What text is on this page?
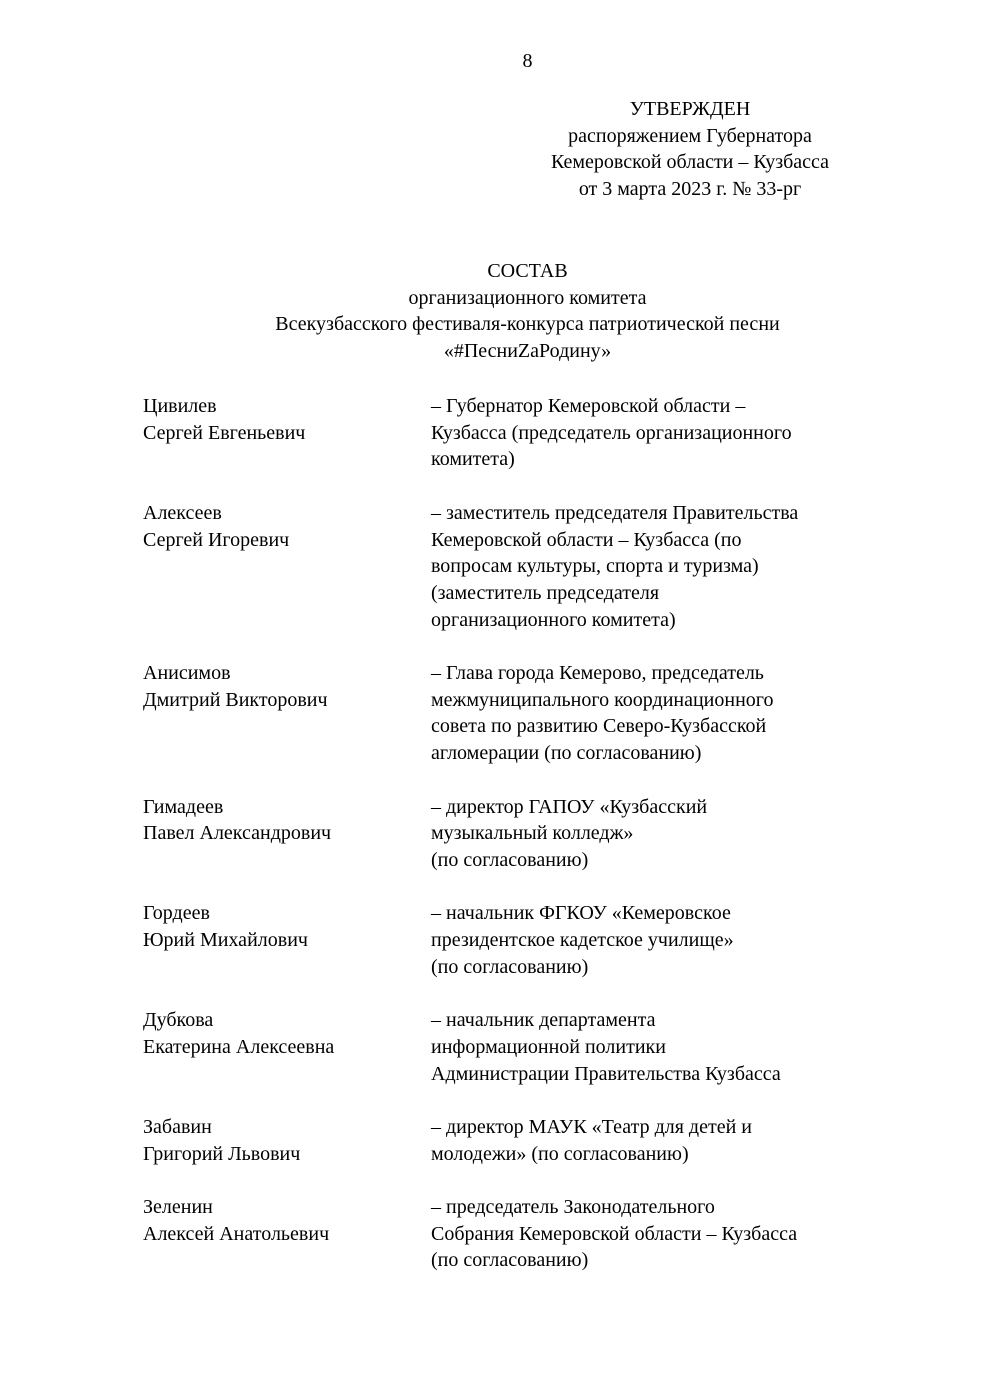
8
УТВЕРЖДЕН
распоряжением Губернатора
Кемеровской области – Кузбасса
от 3 марта 2023 г. № 33-рг
СОСТАВ
организационного комитета
Всекузбасского фестиваля-конкурса патриотической песни
«#ПесниZаРодину»
Цивилев
Сергей Евгеньевич
– Губернатор Кемеровской области –
Кузбасса (председатель организационного
комитета)
Алексеев
Сергей Игоревич
– заместитель председателя Правительства
Кемеровской области – Кузбасса (по
вопросам культуры, спорта и туризма)
(заместитель председателя
организационного комитета)
Анисимов
Дмитрий Викторович
– Глава города Кемерово, председатель
межмуниципального координационного
совета по развитию Северо-Кузбасской
агломерации (по согласованию)
Гимадеев
Павел Александрович
– директор ГАПОУ «Кузбасский
музыкальный колледж»
(по согласованию)
Гордеев
Юрий Михайлович
– начальник ФГКОУ «Кемеровское
президентское кадетское училище»
(по согласованию)
Дубкова
Екатерина Алексеевна
– начальник департамента
информационной политики
Администрации Правительства Кузбасса
Забавин
Григорий Львович
– директор МАУК «Театр для детей и
молодежи» (по согласованию)
Зеленин
Алексей Анатольевич
– председатель Законодательного
Собрания Кемеровской области – Кузбасса
(по согласованию)
